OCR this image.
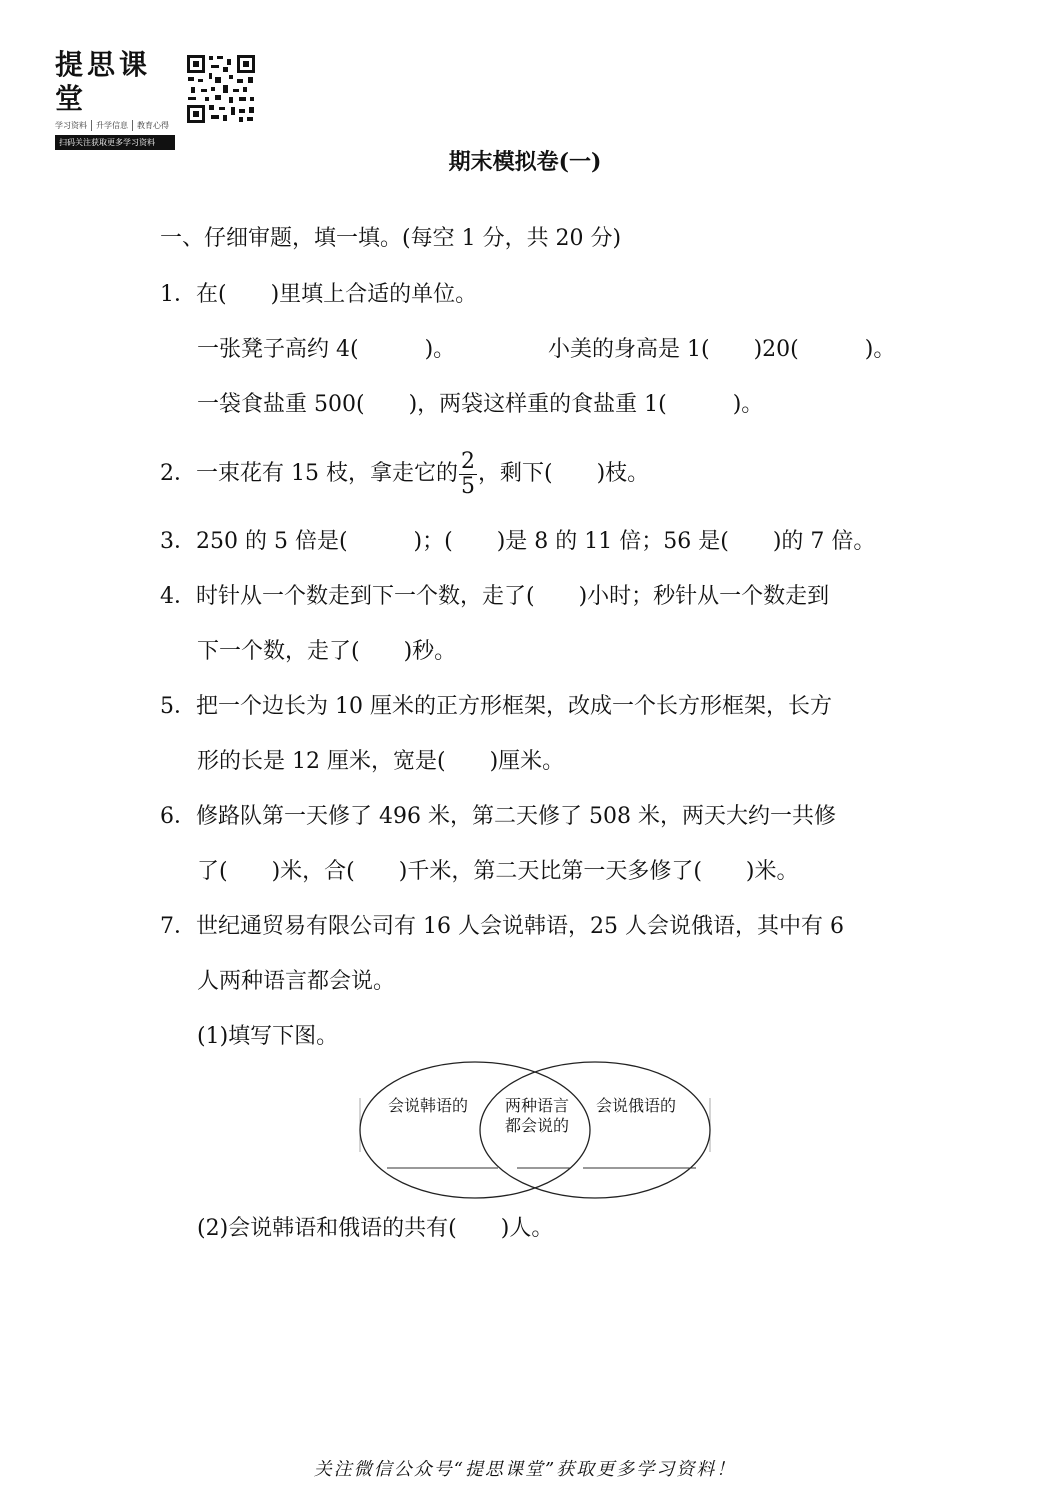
提思课堂
学习资料	升学信息	教育心得
扫码关注获取更多学习资料
期末模拟卷(一)
一、仔细审题，填一填。(每空 1 分，共 20 分)
1．在(　　)里填上合适的单位。
一张凳子高约 4(　　　)。	小美的身高是 1(　　)20(　　　)。
一袋食盐重 500(　　)，两袋这样重的食盐重 1(　　　)。
2．一束花有 15 枝，拿走它的 $\frac{2}{5}$ ，剩下(　　)枝。
3．250 的 5 倍是(　　　)；(　　)是 8 的 11 倍；56 是(　　)的 7 倍。
4．时针从一个数走到下一个数，走了(　　)小时；秒针从一个数走到
下一个数，走了(　　)秒。
5．把一个边长为 10 厘米的正方形框架，改成一个长方形框架，长方
形的长是 12 厘米，宽是(　　)厘米。
6．修路队第一天修了 496 米，第二天修了 508 米，两天大约一共修
了(　　)米，合(　　)千米，第二天比第一天多修了(　　)米。
7．世纪通贸易有限公司有 16 人会说韩语，25 人会说俄语，其中有 6
人两种语言都会说。
(1)填写下图。
会说韩语的 两种语言
都会说的
会说俄语的
(2)会说韩语和俄语的共有(　　)人。
关注微信公众号“提思课堂”获取更多学习资料！
